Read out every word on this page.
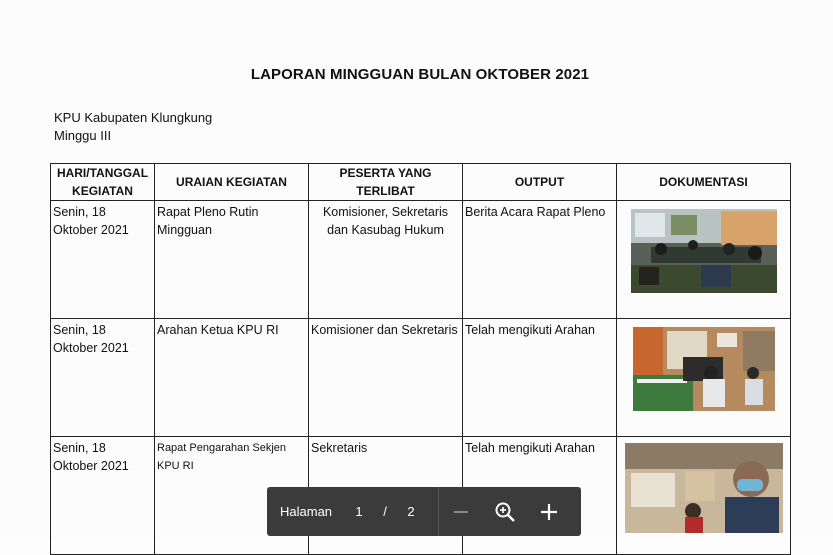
LAPORAN MINGGUAN BULAN OKTOBER 2021
KPU Kabupaten Klungkung
Minggu III
HARI/TANGGAL KEGIATAN	URAIAN KEGIATAN	PESERTA YANG TERLIBAT	OUTPUT	DOKUMENTASI
Senin, 18 Oktober 2021	Rapat Pleno Rutin Mingguan	Komisioner, Sekretaris dan Kasubag Hukum	Berita Acara Rapat Pleno	

Senin, 18 Oktober 2021	Arahan Ketua KPU RI	Komisioner dan Sekretaris	Telah mengikuti Arahan	

Senin, 18 Oktober 2021	Rapat Pengarahan Sekjen KPU RI	Sekretaris	Telah mengikuti Arahan	
Halaman	1	/	2
